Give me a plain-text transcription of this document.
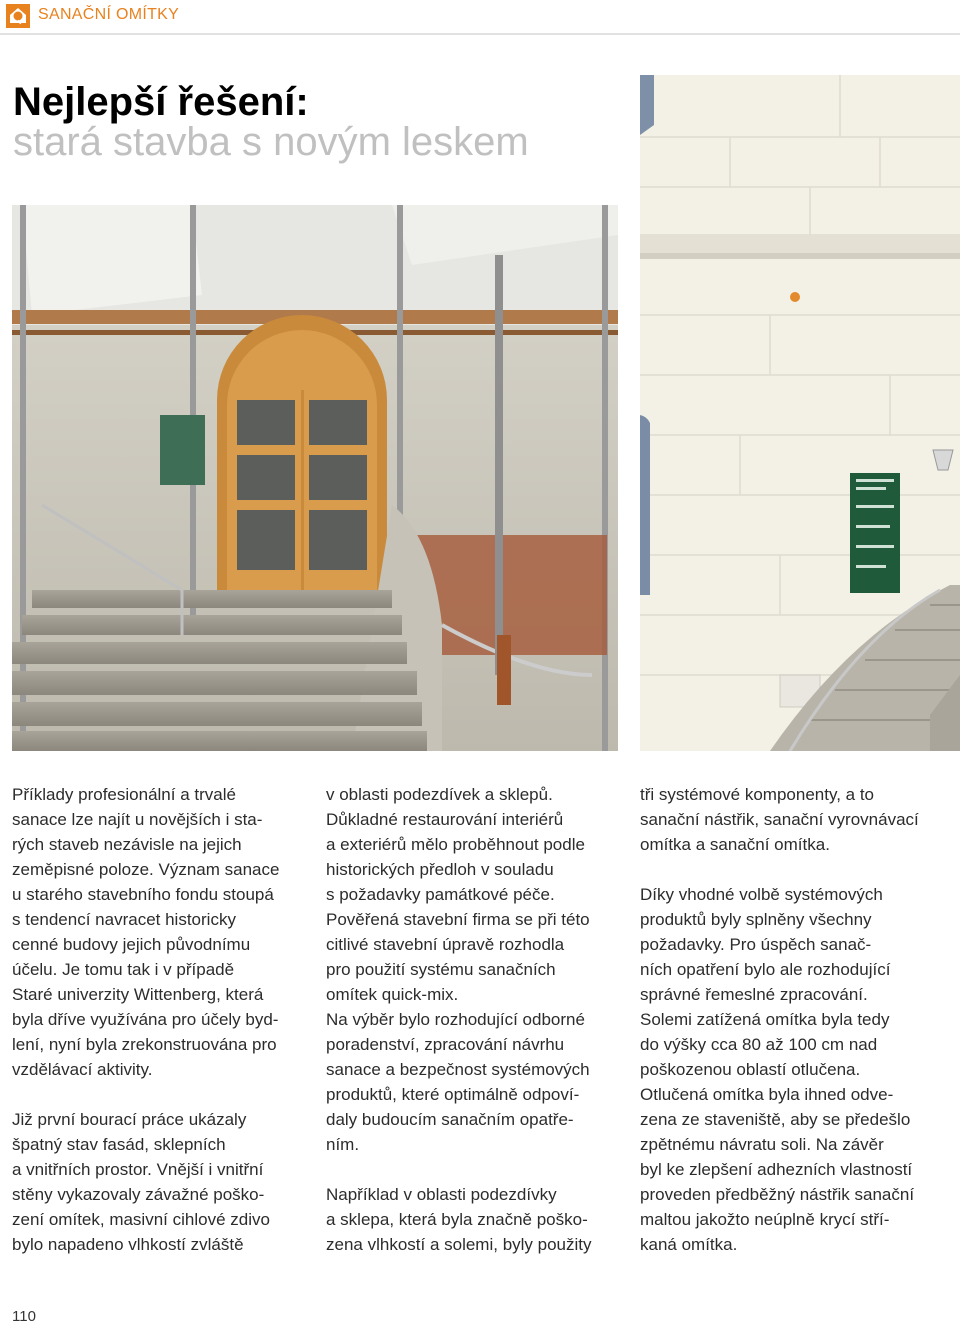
SANAČNÍ OMÍTKY
Nejlepší řešení:
stará stavba s novým leskem

Příklady profesionální a trvalé
sanace lze najít u novějších i sta-
rých staveb nezávisle na jejich
zeměpisné poloze. Význam sanace
u starého stavebního fondu stoupá
s tendencí navracet historicky
cenné budovy jejich původnímu
účelu. Je tomu tak i v případě
Staré univerzity Wittenberg, která
byla dříve využívána pro účely byd-
lení, nyní byla zrekonstruována pro
vzdělávací aktivity.

Již první bourací práce ukázaly
špatný stav fasád, sklepních
a vnitřních prostor. Vnější i vnitřní
stěny vykazovaly závažné poško-
zení omítek, masivní cihlové zdivo
bylo napadeno vlhkostí zvláště

v oblasti podezdívek a sklepů.
Důkladné restaurování interiérů
a exteriérů mělo proběhnout podle
historických předloh v souladu
s požadavky památkové péče.
Pověřená stavební firma se při této
citlivé stavební úpravě rozhodla
pro použití systému sanačních
omítek quick-mix.
Na výběr bylo rozhodující odborné
poradenství, zpracování návrhu
sanace a bezpečnost systémových
produktů, které optimálně odpoví-
daly budoucím sanačním opatře-
ním.

Například v oblasti podezdívky
a sklepa, která byla značně poško-
zena vlhkostí a solemi, byly použity

tři systémové komponenty, a to
sanační nástřik, sanační vyrovnávací
omítka a sanační omítka.

Díky vhodné volbě systémových
produktů byly splněny všechny
požadavky. Pro úspěch sanač-
ních opatření bylo ale rozhodující
správné řemeslné zpracování.
Solemi zatížená omítka byla tedy
do výšky cca 80 až 100 cm nad
poškozenou oblastí otlučena.
Otlučená omítka byla ihned odve-
zena ze staveniště, aby se předešlo
zpětnému návratu soli. Na závěr
byl ke zlepšení adhezních vlastností
proveden předběžný nástřik sanační
maltou jakožto neúplně krycí stří-
kaná omítka.

110
